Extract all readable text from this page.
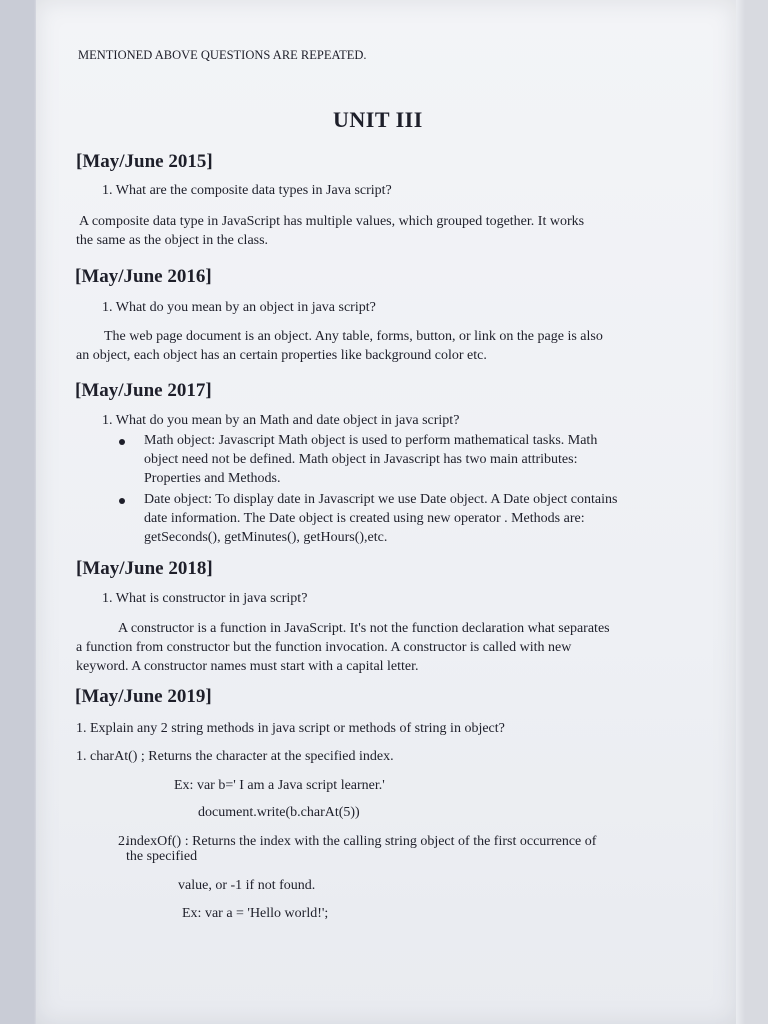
MENTIONED ABOVE QUESTIONS ARE REPEATED.
UNIT III
[May/June 2015]
1. What are the composite data types in Java script?
A composite data type in JavaScript has multiple values, which grouped together. It works
the same as the object in the class.
[May/June 2016]
1. What do you mean by an object in java script?
The web page document is an object. Any table, forms, button, or link on the page is also
an object, each object has an certain properties like background color etc.
[May/June 2017]
1. What do you mean by an Math and date object in java script?
Math object: Javascript Math object is used to perform mathematical tasks. Math
object need not be defined. Math object in Javascript has two main attributes:
Properties and Methods.
Date object: To display date in Javascript we use Date object. A Date object contains
date information. The Date object is created using new operator . Methods are:
getSeconds(), getMinutes(), getHours(),etc.
[May/June 2018]
1. What is constructor in java script?
A constructor is a function in JavaScript. It's not the function declaration what separates
a function from constructor but the function invocation. A constructor is called with new
keyword. A constructor names must start with a capital letter.
[May/June 2019]
1. Explain any 2 string methods in java script or methods of string in object?
1. charAt() ; Returns the character at the specified index.
Ex: var b=' I am a Java script learner.'
document.write(b.charAt(5))
2.
indexOf() : Returns the index with the calling string object of the first occurrence of
the specified
value, or -1 if not found.
Ex: var a = 'Hello world!';
